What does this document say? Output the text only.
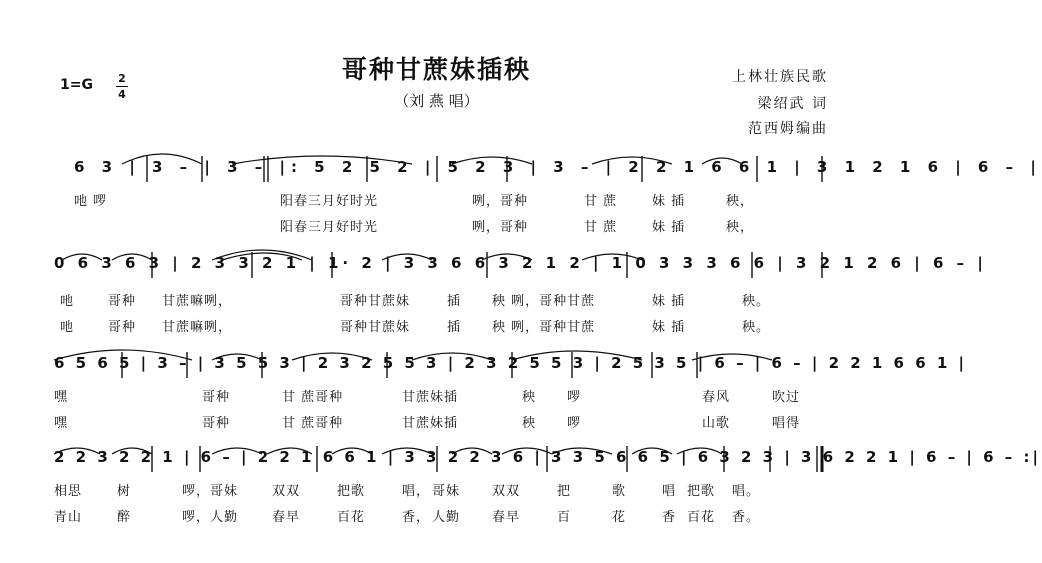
哥种甘蔗妹插秧
（刘 燕 唱）
1=G 2
4
上林壮族民歌
梁绍武 词
范西姆编曲
6 3 | 3 – | 3 – |: 5 2 5 2 | 5 2 3 | 3 – | 2 2 1 6 6 1 | 3 1 2 1 6 | 6 – |
吔 啰	阳春三月好时光	咧，哥种	甘 蔗	妹 插	秧，
阳春三月好时光	咧，哥种	甘 蔗	妹 插	秧，
0 6 3 6 3 | 2 3 3 2 1 | 1· 2 | 3 3 6 6 3 2 1 2 | 1 0 3 3 3 6 6 | 3 2 1 2 6 | 6 – |
吔	哥种 甘蔗嘛咧，	哥种甘蔗妹	插 秧 咧，哥种甘蔗	妹 插	秧。
吔	哥种 甘蔗嘛咧，	哥种甘蔗妹	插 秧 咧，哥种甘蔗	妹 插	秧。
6 5 6 5 | 3 – | 3 5 5 3 | 2 3 2 5 5 3 | 2 3 2 5 5 3 | 2 5 3 5 | 6 – | 6 – | 2 2 1 6 6 1 |
嘿	哥种	甘 蔗哥种	甘蔗妹插	秧 啰	春风	吹过
嘿	哥种	甘 蔗哥种	甘蔗妹插	秧 啰	山歌	唱得
2 2 3 2 2 1 | 6 – | 2 2 1 6 6 1 | 3 3 2 2 3 6 | 3 3 5 6 6 5 | 6 3 2 3 | 3 6 2 2 1 | 6 – | 6 – :|
相思	树	啰，哥妹	双双	把歌	唱， 哥妹 双双	把	歌	唱 把歌 唱。
青山	醉	啰，人勤	春早	百花	香， 人勤 春早	百	花	香 百花 香。
